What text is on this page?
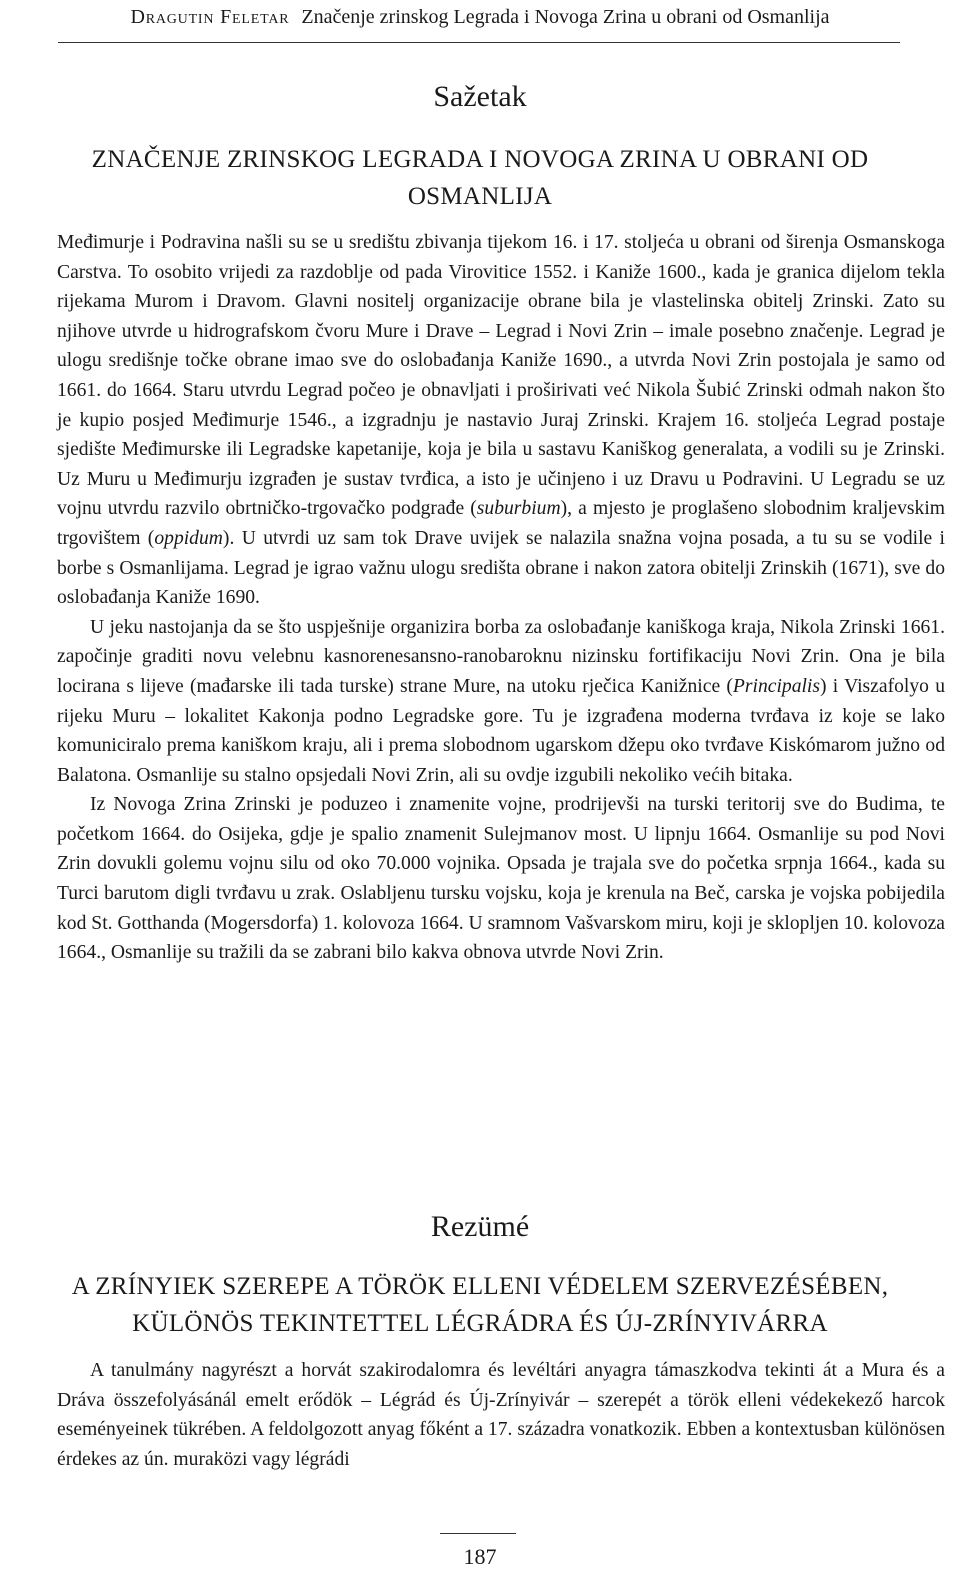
Dragutin Feletar Značenje zrinskog Legrada i Novoga Zrina u obrani od Osmanlija
Sažetak
ZNAČENJE ZRINSKOG LEGRADA I NOVOGA ZRINA U OBRANI OD
OSMANLIJA

Međimurje i Podravina našli su se u središtu zbivanja tijekom 16. i 17. stoljeća u obrani od širenja Osmanskoga Carstva. To osobito vrijedi za razdoblje od pada Virovitice 1552. i Kaniže 1600., kada je granica dijelom tekla rijekama Murom i Dravom. Glavni nositelj organizacije obrane bila je vlastelinska obitelj Zrinski. Zato su njihove utvrde u hidrografskom čvoru Mure i Drave – Legrad i Novi Zrin – imale posebno značenje. Legrad je ulogu središnje točke obrane imao sve do oslobađanja Kaniže 1690., a utvrda Novi Zrin postojala je samo od 1661. do 1664. Staru utvrdu Legrad počeo je obnavljati i proširivati već Nikola Šubić Zrinski odmah nakon što je kupio posjed Međimurje 1546., a izgradnju je nastavio Juraj Zrinski. Krajem 16. stoljeća Legrad postaje sjedište Međimurske ili Legradske kapetanije, koja je bila u sastavu Kaniškog generalata, a vodili su je Zrinski. Uz Muru u Međimurju izgrađen je sustav tvrđica, a isto je učinjeno i uz Dravu u Podravini. U Legradu se uz vojnu utvrdu razvilo obrtničko-trgovačko podgrađe (suburbium), a mjesto je proglašeno slobodnim kraljevskim trgovištem (oppidum). U utvrdi uz sam tok Drave uvijek se nalazila snažna vojna posada, a tu su se vodile i borbe s Osmanlijama. Legrad je igrao važnu ulogu središta obrane i nakon zatora obitelji Zrinskih (1671), sve do oslobađanja Kaniže 1690.

U jeku nastojanja da se što uspješnije organizira borba za oslobađanje kaniškoga kraja, Nikola Zrinski 1661. započinje graditi novu velebnu kasnorenesansno-ranobaroknu nizinsku fortifikaciju Novi Zrin. Ona je bila locirana s lijeve (mađarske ili tada turske) strane Mure, na utoku rječica Kanižnice (Principalis) i Viszafolyo u rijeku Muru – lokalitet Kakonja podno Legradske gore. Tu je izgrađena moderna tvrđava iz koje se lako komuniciralo prema kaniškom kraju, ali i prema slobodnom ugarskom džepu oko tvrđave Kiskómarom južno od Balatona. Osmanlije su stalno opsjedali Novi Zrin, ali su ovdje izgubili nekoliko većih bitaka.

Iz Novoga Zrina Zrinski je poduzeo i znamenite vojne, prodrijevši na turski teritorij sve do Budima, te početkom 1664. do Osijeka, gdje je spalio znamenit Sulejmanov most. U lipnju 1664. Osmanlije su pod Novi Zrin dovukli golemu vojnu silu od oko 70.000 vojnika. Opsada je trajala sve do početka srpnja 1664., kada su Turci barutom digli tvrđavu u zrak. Oslabljenu tursku vojsku, koja je krenula na Beč, carska je vojska pobijedila kod St. Gotthanda (Mogersdorfa) 1. kolovoza 1664. U sramnom Vašvarskom miru, koji je sklopljen 10. kolovoza 1664., Osmanlije su tražili da se zabrani bilo kakva obnova utvrde Novi Zrin.

Rezümé
A ZRÍNYIEK SZEREPE A TÖRÖK ELLENI VÉDELEM SZERVEZÉSÉBEN,
KÜLÖNÖS TEKINTETTEL LÉGRÁDRA ÉS ÚJ-ZRÍNYIVÁRRA

A tanulmány nagyrészt a horvát szakirodalomra és levéltári anyagra támaszkodva tekinti át a Mura és a Dráva összefolyásánál emelt erődök – Légrád és Új-Zrínyivár – szerepét a török elleni védekekező harcok eseményeinek tükrében. A feldolgozott anyag főként a 17. századra vonatkozik. Ebben a kontextusban különösen érdekes az ún. muraközi vagy légrádi

187
